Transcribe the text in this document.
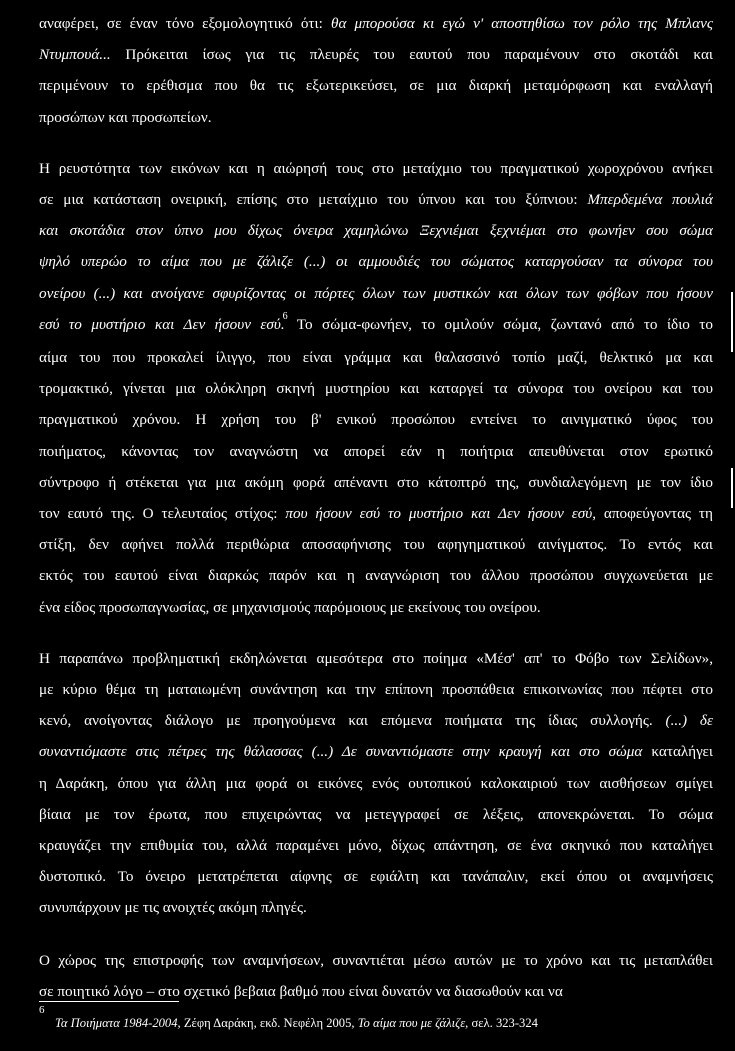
αναφέρει, σε έναν τόνο εξομολογητικό ότι: θα μπορούσα κι εγώ ν' αποστηθίσω τον ρόλο της Μπλανς
Ντυμπουά... Πρόκειται ίσως για τις πλευρές του εαυτού που παραμένουν στο σκοτάδι και
περιμένουν το ερέθισμα που θα τις εξωτερικεύσει, σε μια διαρκή μεταμόρφωση και εναλλαγή
προσώπων και προσωπείων.
Η ρευστότητα των εικόνων και η αιώρησή τους στο μεταίχμιο του πραγματικού χωροχρόνου ανήκει
σε μια κατάσταση ονειρική, επίσης στο μεταίχμιο του ύπνου και του ξύπνιου: Μπερδεμένα πουλιά
και σκοτάδια στον ύπνο μου δίχως όνειρα χαμηλώνω Ξεχνιέμαι ξεχνιέμαι στο φωνήεν σου σώμα
ψηλό υπερώο το αίμα που με ζάλιζε (...) οι αμμουδιές του σώματος καταργούσαν τα σύνορα του
ονείρου (...) και ανοίγανε σφυρίζοντας οι πόρτες όλων των μυστικών και όλων των φόβων που ήσουν
εσύ το μυστήριο και Δεν ήσουν εσύ.$^6$ Το σώμα-φωνήεν, το ομιλούν σώμα, ζωντανό από το ίδιο το
αίμα του που προκαλεί ίλιγγο, που είναι γράμμα και θαλασσινό τοπίο μαζί, θελκτικό μα και
τρομακτικό, γίνεται μια ολόκληρη σκηνή μυστηρίου και καταργεί τα σύνορα του ονείρου και του
πραγματικού χρόνου. Η χρήση του β' ενικού προσώπου εντείνει το αινιγματικό ύφος του
ποιήματος, κάνοντας τον αναγνώστη να απορεί εάν η ποιήτρια απευθύνεται στον ερωτικό
σύντροφο ή στέκεται για μια ακόμη φορά απέναντι στο κάτοπτρό της, συνδιαλεγόμενη με τον ίδιο
τον εαυτό της. Ο τελευταίος στίχος: που ήσουν εσύ το μυστήριο και Δεν ήσουν εσύ, αποφεύγοντας τη
στίξη, δεν αφήνει πολλά περιθώρια αποσαφήνισης του αφηγηματικού αινίγματος. Το εντός και
εκτός του εαυτού είναι διαρκώς παρόν και η αναγνώριση του άλλου προσώπου συγχωνεύεται με
ένα είδος προσωπαγνωσίας, σε μηχανισμούς παρόμοιους με εκείνους του ονείρου.
Η παραπάνω προβληματική εκδηλώνεται αμεσότερα στο ποίημα «Μέσ' απ' το Φόβο των Σελίδων»,
με κύριο θέμα τη ματαιωμένη συνάντηση και την επίπονη προσπάθεια επικοινωνίας που πέφτει στο
κενό, ανοίγοντας διάλογο με προηγούμενα και επόμενα ποιήματα της ίδιας συλλογής. (...) δε
συναντιόμαστε στις πέτρες της θάλασσας (...) Δε συναντιόμαστε στην κραυγή και στο σώμα καταλήγει
η Δαράκη, όπου για άλλη μια φορά οι εικόνες ενός ουτοπικού καλοκαιριού των αισθήσεων σμίγει
βίαια με τον έρωτα, που επιχειρώντας να μετεγγραφεί σε λέξεις, απονεκρώνεται. Το σώμα
κραυγάζει την επιθυμία του, αλλά παραμένει μόνο, δίχως απάντηση, σε ένα σκηνικό που καταλήγει
δυστοπικό. Το όνειρο μετατρέπεται αίφνης σε εφιάλτη και τανάπαλιν, εκεί όπου οι αναμνήσεις
συνυπάρχουν με τις ανοιχτές ακόμη πληγές.
Ο χώρος της επιστροφής των αναμνήσεων, συναντιέται μέσω αυτών με το χρόνο και τις μεταπλάθει
σε ποιητικό λόγο – στο σχετικό βεβαια βαθμό που είναι δυνατόν να διασωθούν και να
6
Τα Ποιήματα 1984-2004, Ζέφη Δαράκη, εκδ. Νεφέλη 2005, Το αίμα που με ζάλιζε, σελ. 323-324
